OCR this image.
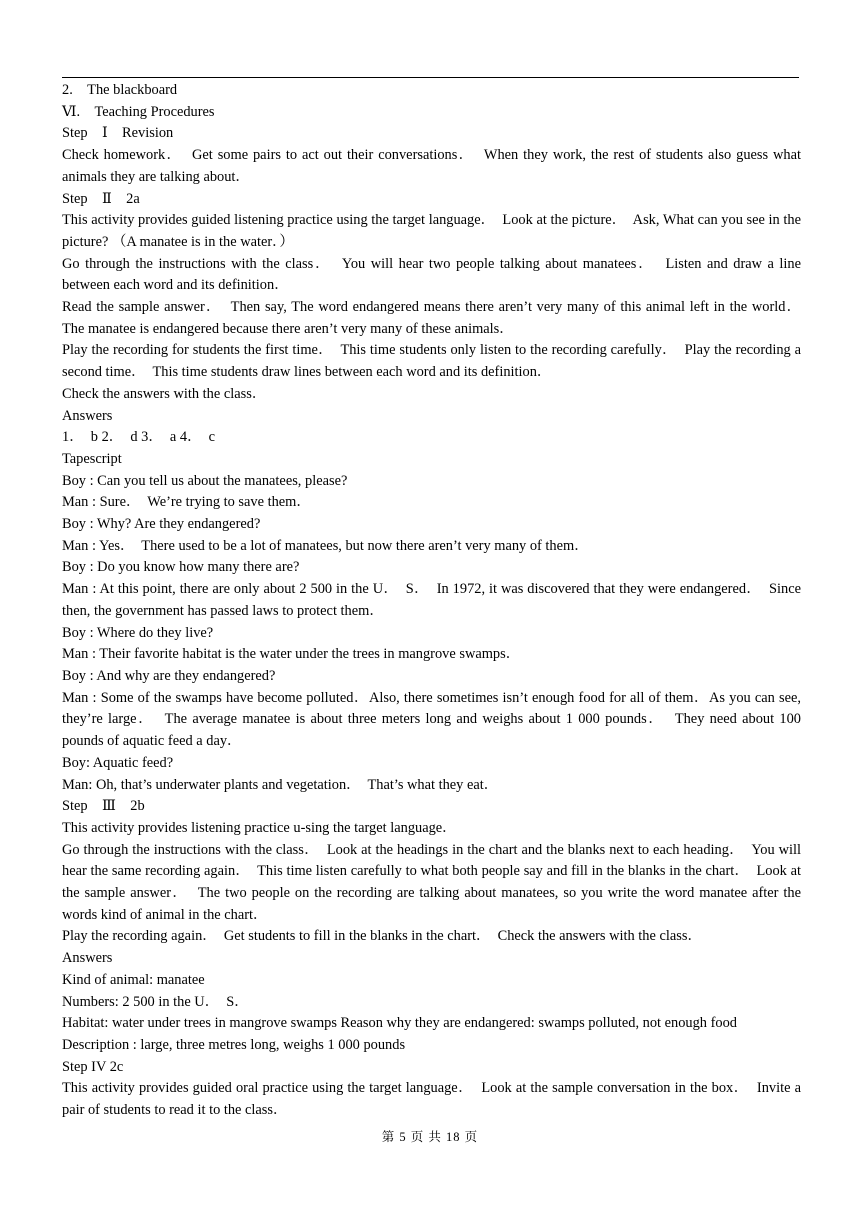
2.　The blackboard
Ⅵ.　Teaching Procedures
Step　Ⅰ　Revision
Check homework．  Get some pairs to act out their conversations．  When they work, the rest of students also guess what animals they are talking about．
Step　Ⅱ　2a
This activity provides guided listening practice using the target language．  Look at the picture．  Ask, What can you see in the picture? （A manatee is in the water．）
Go through the instructions with the class．  You will hear two people talking about manatees．  Listen and draw a line between each word and its definition．
Read the sample answer．  Then say, The word endangered means there aren’t very many of this animal left in the world．  The manatee is endangered because there aren’t very many of these animals．
Play the recording for students the first time．  This time students only listen to the recording carefully．  Play the recording a second time．  This time students draw lines between each word and its definition．
Check the answers with the class．
Answers
1．　b 2．　d 3．　a 4．　c
Tapescript
Boy : Can you tell us about the manatees, please?
Man : Sure．  We’re trying to save them．
Boy : Why? Are they endangered?
Man : Yes．  There used to be a lot of manatees, but now there aren’t very many of them．
Boy : Do you know how many there are?
Man : At this point, there are only about 2 500 in the U．　S．  In 1972, it was discovered that they were endangered．  Since then, the government has passed laws to protect them．
Boy : Where do they live?
Man : Their favorite habitat is the water under the trees in mangrove swamps．
Boy : And why are they endangered?
Man : Some of the swamps have become polluted．Also, there sometimes isn’t enough food for all of them．As you can see, they’re large．  The average manatee is about three meters long and weighs about 1 000 pounds．  They need about 100 pounds of aquatic feed a day．
Boy: Aquatic feed?
Man: Oh, that’s underwater plants and vegetation．  That’s what they eat．
Step　Ⅲ　2b
This activity provides listening practice u-sing the target language．
Go through the instructions with the class．  Look at the headings in the chart and the blanks next to each heading．  You will hear the same recording again．  This time listen carefully to what both people say and fill in the blanks in the chart．  Look at the sample answer．  The two people on the recording are talking about manatees, so you write the word manatee after the words kind of animal in the chart．
Play the recording again．  Get students to fill in the blanks in the chart．  Check the answers with the class．
Answers
Kind of animal: manatee
Numbers: 2 500 in the U．　S．
Habitat: water under trees in mangrove swamps Reason why they are endangered: swamps polluted, not enough food
Description : large, three metres long, weighs 1 000 pounds
Step IV 2c
This activity provides guided oral practice using the target language．  Look at the sample conversation in the box．  Invite a pair of students to read it to the class．
第 5 页 共 18 页
